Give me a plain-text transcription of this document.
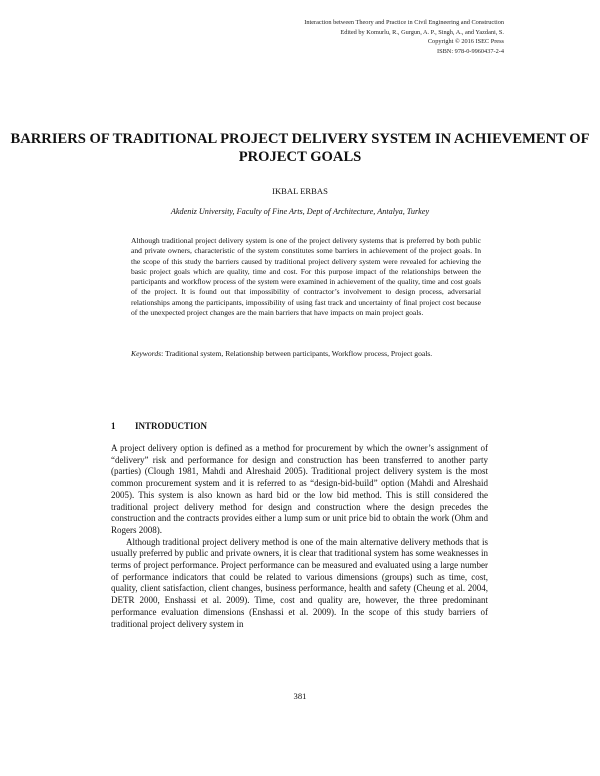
Interaction between Theory and Practice in Civil Engineering and Construction
Edited by Komurlu, R., Gurgun, A. P., Singh, A., and Yazdani, S.
Copyright © 2016 ISEC Press
ISBN: 978-0-9960437-2-4
BARRIERS OF TRADITIONAL PROJECT DELIVERY SYSTEM IN ACHIEVEMENT OF PROJECT GOALS
IKBAL ERBAS
Akdeniz University, Faculty of Fine Arts, Dept of Architecture, Antalya, Turkey
Although traditional project delivery system is one of the project delivery systems that is preferred by both public and private owners, characteristic of the system constitutes some barriers in achievement of the project goals. In the scope of this study the barriers caused by traditional project delivery system were revealed for achieving the basic project goals which are quality, time and cost. For this purpose impact of the relationships between the participants and workflow process of the system were examined in achievement of the quality, time and cost goals of the project. It is found out that impossibility of contractor’s involvement to design process, adversarial relationships among the participants, impossibility of using fast track and uncertainty of final project cost because of the unexpected project changes are the main barriers that have impacts on main project goals.
Keywords: Traditional system, Relationship between participants, Workflow process, Project goals.
1 INTRODUCTION

A project delivery option is defined as a method for procurement by which the owner’s assignment of “delivery” risk and performance for design and construction has been transferred to another party (parties) (Clough 1981, Mahdi and Alreshaid 2005). Traditional project delivery system is the most common procurement system and it is referred to as “design-bid-build” option (Mahdi and Alreshaid 2005). This system is also known as hard bid or the low bid method. This is still considered the traditional project delivery method for design and construction where the design precedes the construction and the contracts provides either a lump sum or unit price bid to obtain the work (Ohm and Rogers 2008).

Although traditional project delivery method is one of the main alternative delivery methods that is usually preferred by public and private owners, it is clear that traditional system has some weaknesses in terms of project performance. Project performance can be measured and evaluated using a large number of performance indicators that could be related to various dimensions (groups) such as time, cost, quality, client satisfaction, client changes, business performance, health and safety (Cheung et al. 2004, DETR 2000, Enshassi et al. 2009). Time, cost and quality are, however, the three predominant performance evaluation dimensions (Enshassi et al. 2009). In the scope of this study barriers of traditional project delivery system in

381
